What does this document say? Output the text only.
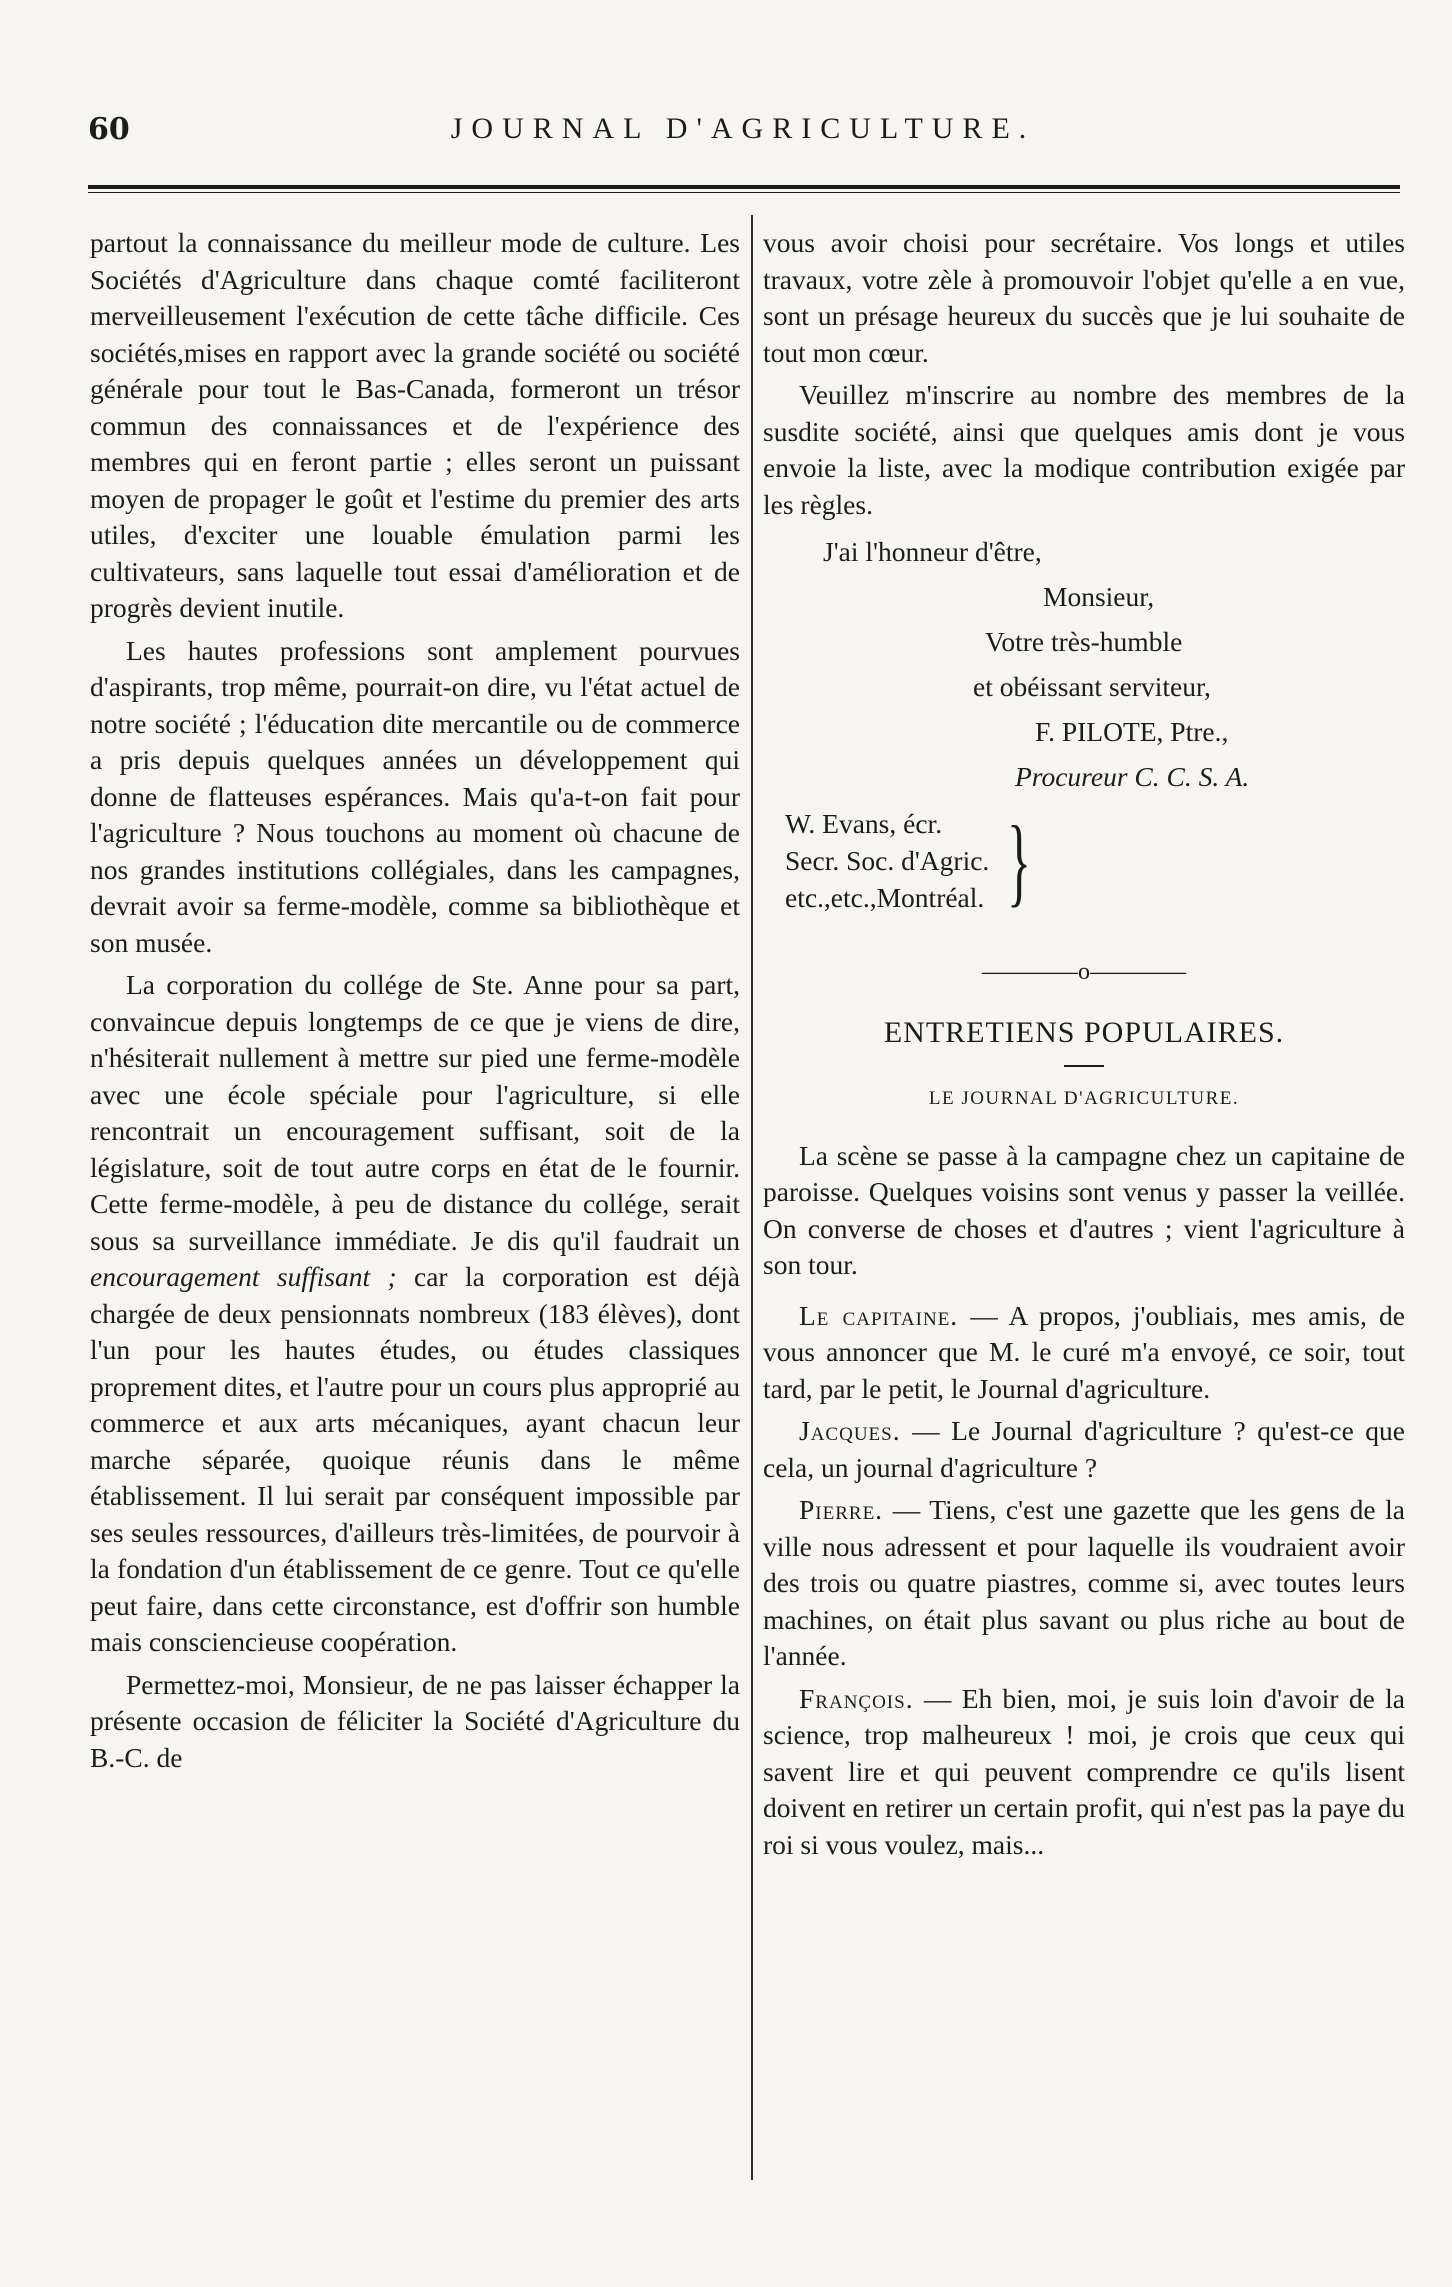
60	JOURNAL D'AGRICULTURE.

partout la connaissance du meilleur mode de culture. Les Sociétés d'Agriculture dans chaque comté faciliteront merveilleusement l'exécution de cette tâche difficile. Ces sociétés,mises en rapport avec la grande société ou société générale pour tout le Bas-Canada, formeront un trésor commun des connaissances et de l'expérience des membres qui en feront partie ; elles seront un puissant moyen de propager le goût et l'estime du premier des arts utiles, d'exciter une louable émulation parmi les cultivateurs, sans laquelle tout essai d'amélioration et de progrès devient inutile.

Les hautes professions sont amplement pourvues d'aspirants, trop même, pourrait-on dire, vu l'état actuel de notre société ; l'éducation dite mercantile ou de commerce a pris depuis quelques années un développement qui donne de flatteuses espérances. Mais qu'a-t-on fait pour l'agriculture ? Nous touchons au moment où chacune de nos grandes institutions collégiales, dans les campagnes, devrait avoir sa ferme-modèle, comme sa bibliothèque et son musée.

La corporation du collége de Ste. Anne pour sa part, convaincue depuis longtemps de ce que je viens de dire, n'hésiterait nullement à mettre sur pied une ferme-modèle avec une école spéciale pour l'agriculture, si elle rencontrait un encouragement suffisant, soit de la législature, soit de tout autre corps en état de le fournir. Cette ferme-modèle, à peu de distance du collége, serait sous sa surveillance immédiate. Je dis qu'il faudrait un encouragement suffisant ; car la corporation est déjà chargée de deux pensionnats nombreux (183 élèves), dont l'un pour les hautes études, ou études classiques proprement dites, et l'autre pour un cours plus approprié au commerce et aux arts mécaniques, ayant chacun leur marche séparée, quoique réunis dans le même établissement. Il lui serait par conséquent impossible par ses seules ressources, d'ailleurs très-limitées, de pourvoir à la fondation d'un établissement de ce genre. Tout ce qu'elle peut faire, dans cette circonstance, est d'offrir son humble mais consciencieuse coopération.

Permettez-moi, Monsieur, de ne pas laisser échapper la présente occasion de féliciter la Société d'Agriculture du B.-C. de

vous avoir choisi pour secrétaire. Vos longs et utiles travaux, votre zèle à promouvoir l'objet qu'elle a en vue, sont un présage heureux du succès que je lui souhaite de tout mon cœur.

Veuillez m'inscrire au nombre des membres de la susdite société, ainsi que quelques amis dont je vous envoie la liste, avec la modique contribution exigée par les règles.

J'ai l'honneur d'être,
Monsieur,
Votre très-humble
et obéissant serviteur,
F. PILOTE, Ptre.,
Procureur C. C. S. A.
W. Evans, écr.
Secr. Soc. d'Agric.
etc.,etc.,Montréal. }
————o————
ENTRETIENS POPULAIRES.
LE JOURNAL D'AGRICULTURE.

La scène se passe à la campagne chez un capitaine de paroisse. Quelques voisins sont venus y passer la veillée. On converse de choses et d'autres ; vient l'agriculture à son tour.

Le capitaine. — A propos, j'oubliais, mes amis, de vous annoncer que M. le curé m'a envoyé, ce soir, tout tard, par le petit, le Journal d'agriculture.

Jacques. — Le Journal d'agriculture ? qu'est-ce que cela, un journal d'agriculture ?

Pierre. — Tiens, c'est une gazette que les gens de la ville nous adressent et pour laquelle ils voudraient avoir des trois ou quatre piastres, comme si, avec toutes leurs machines, on était plus savant ou plus riche au bout de l'année.

François. — Eh bien, moi, je suis loin d'avoir de la science, trop malheureux ! moi, je crois que ceux qui savent lire et qui peuvent comprendre ce qu'ils lisent doivent en retirer un certain profit, qui n'est pas la paye du roi si vous voulez, mais...
